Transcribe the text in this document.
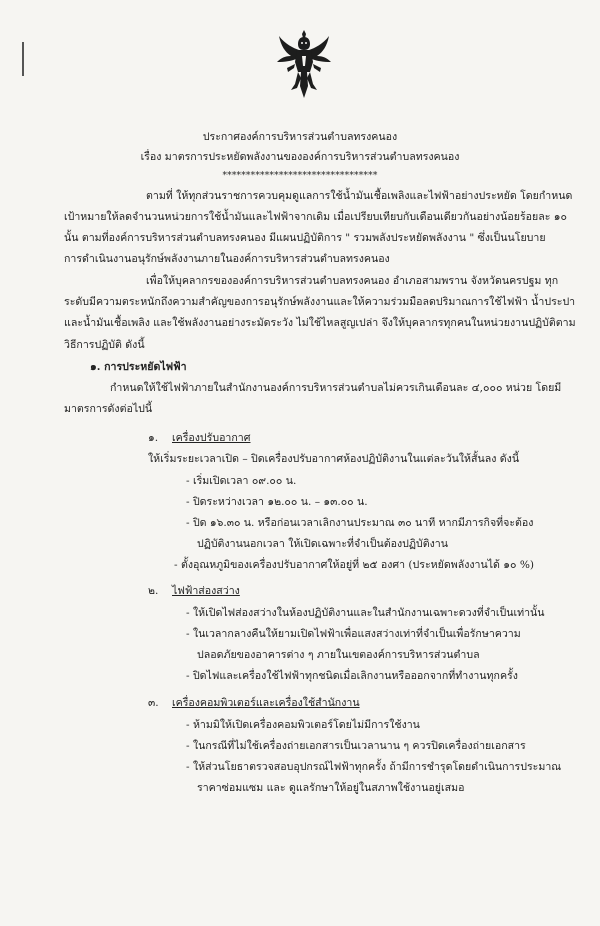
ประกาศองค์การบริหารส่วนตำบลทรงคนอง
เรื่อง มาตรการประหยัดพลังงานขององค์การบริหารส่วนตำบลทรงคนอง
*********************************
ตามที่ ให้ทุกส่วนราชการควบคุมดูแลการใช้น้ำมันเชื้อเพลิงและไฟฟ้าอย่างประหยัด โดยกำหนด
เป้าหมายให้ลดจำนวนหน่วยการใช้น้ำมันและไฟฟ้าจากเดิม เมื่อเปรียบเทียบกับเดือนเดียวกันอย่างน้อยร้อยละ ๑๐
นั้น ตามที่องค์การบริหารส่วนตำบลทรงคนอง มีแผนปฏิบัติการ " รวมพลังประหยัดพลังงาน " ซึ่งเป็นนโยบาย
การดำเนินงานอนุรักษ์พลังงานภายในองค์การบริหารส่วนตำบลทรงคนอง
เพื่อให้บุคลากรขององค์การบริหารส่วนตำบลทรงคนอง อำเภอสามพราน จังหวัดนครปฐม ทุก
ระดับมีความตระหนักถึงความสำคัญของการอนุรักษ์พลังงานและให้ความร่วมมือลดปริมาณการใช้ไฟฟ้า น้ำประปา
และน้ำมันเชื้อเพลิง และใช้พลังงานอย่างระมัดระวัง ไม่ใช้ไหลสูญเปล่า จึงให้บุคลากรทุกคนในหน่วยงานปฏิบัติตาม
วิธีการปฏิบัติ ดังนี้
๑. การประหยัดไฟฟ้า
กำหนดให้ใช้ไฟฟ้าภายในสำนักงานองค์การบริหารส่วนตำบลไม่ควรเกินเดือนละ ๔,๐๐๐ หน่วย โดยมี
มาตรการดังต่อไปนี้
๑. เครื่องปรับอากาศ
ให้เริ่มระยะเวลาเปิด – ปิดเครื่องปรับอากาศห้องปฏิบัติงานในแต่ละวันให้สั้นลง ดังนี้
- เริ่มเปิดเวลา ๐๙.๐๐ น.
- ปิดระหว่างเวลา ๑๒.๐๐ น. – ๑๓.๐๐ น.
- ปิด ๑๖.๓๐ น. หรือก่อนเวลาเลิกงานประมาณ ๓๐ นาที หากมีภารกิจที่จะต้อง
ปฏิบัติงานนอกเวลา ให้เปิดเฉพาะที่จำเป็นต้องปฏิบัติงาน
- ตั้งอุณหภูมิของเครื่องปรับอากาศให้อยู่ที่ ๒๕ องศา (ประหยัดพลังงานได้ ๑๐ %)
๒. ไฟฟ้าส่องสว่าง
- ให้เปิดไฟส่องสว่างในห้องปฏิบัติงานและในสำนักงานเฉพาะดวงที่จำเป็นเท่านั้น
- ในเวลากลางคืนให้ยามเปิดไฟฟ้าเพื่อแสงสว่างเท่าที่จำเป็นเพื่อรักษาความ
ปลอดภัยของอาคารต่าง ๆ ภายในเขตองค์การบริหารส่วนตำบล
- ปิดไฟและเครื่องใช้ไฟฟ้าทุกชนิดเมื่อเลิกงานหรือออกจากที่ทำงานทุกครั้ง
๓. เครื่องคอมพิวเตอร์และเครื่องใช้สำนักงาน
- ห้ามมิให้เปิดเครื่องคอมพิวเตอร์โดยไม่มีการใช้งาน
- ในกรณีที่ไม่ใช้เครื่องถ่ายเอกสารเป็นเวลานาน ๆ ควรปิดเครื่องถ่ายเอกสาร
- ให้ส่วนโยธาตรวจสอบอุปกรณ์ไฟฟ้าทุกครั้ง ถ้ามีการชำรุดโดยดำเนินการประมาณ
ราคาซ่อมแซม และ ดูแลรักษาให้อยู่ในสภาพใช้งานอยู่เสมอ
